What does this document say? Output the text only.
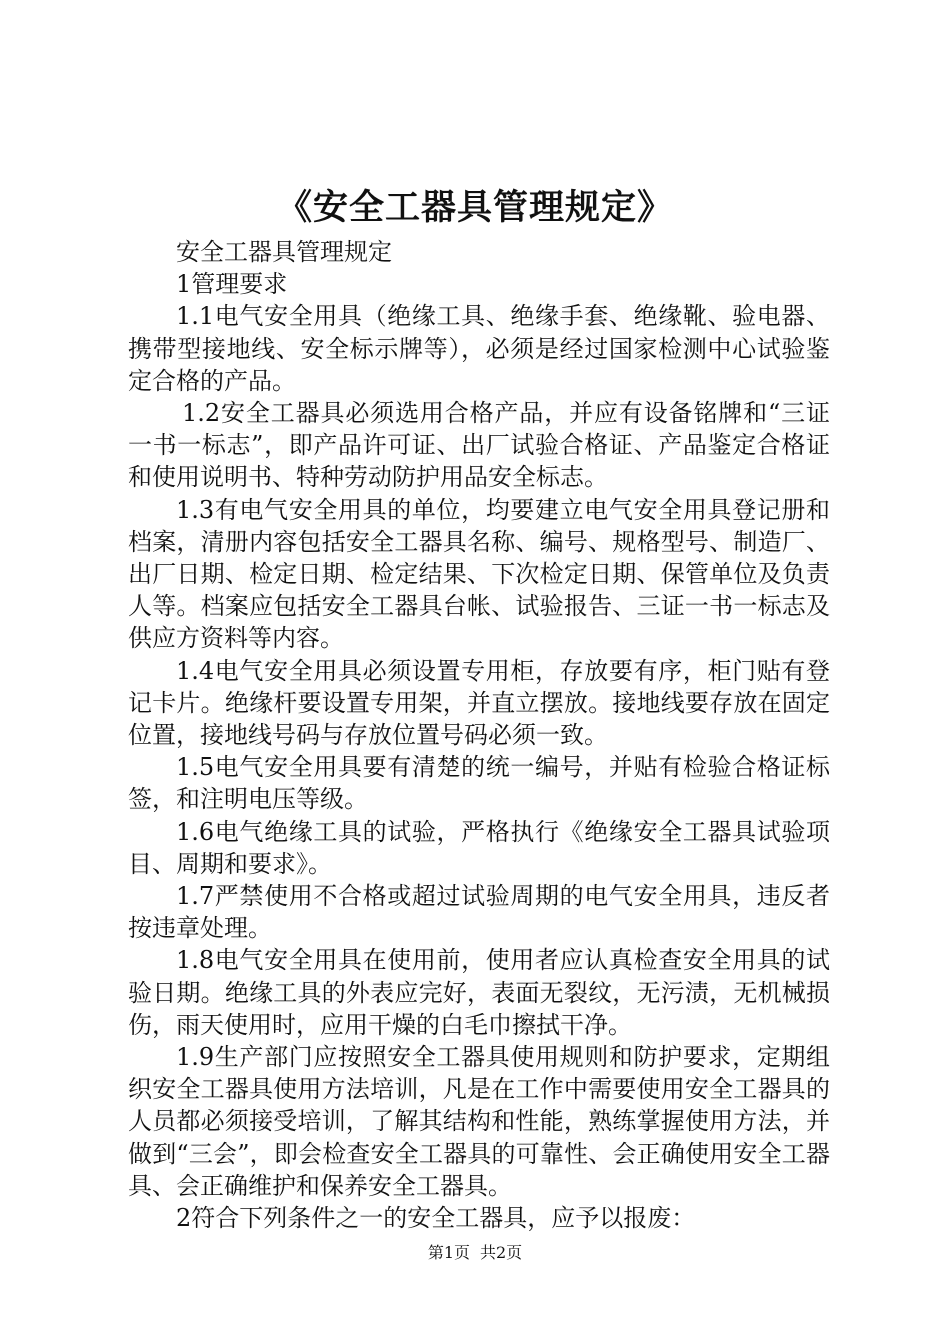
《安全工器具管理规定》

安全工器具管理规定

1管理要求

1.1电气安全用具（绝缘工具、绝缘手套、绝缘靴、验电器、携带型接地线、安全标示牌等），必须是经过国家检测中心试验鉴定合格的产品。

1.2安全工器具必须选用合格产品，并应有设备铭牌和“三证一书一标志”，即产品许可证、出厂试验合格证、产品鉴定合格证和使用说明书、特种劳动防护用品安全标志。

1.3有电气安全用具的单位，均要建立电气安全用具登记册和档案，清册内容包括安全工器具名称、编号、规格型号、制造厂、出厂日期、检定日期、检定结果、下次检定日期、保管单位及负责人等。档案应包括安全工器具台帐、试验报告、三证一书一标志及供应方资料等内容。

1.4电气安全用具必须设置专用柜，存放要有序，柜门贴有登记卡片。绝缘杆要设置专用架，并直立摆放。接地线要存放在固定位置，接地线号码与存放位置号码必须一致。

1.5电气安全用具要有清楚的统一编号，并贴有检验合格证标签，和注明电压等级。

1.6电气绝缘工具的试验，严格执行《绝缘安全工器具试验项目、周期和要求》。

1.7严禁使用不合格或超过试验周期的电气安全用具，违反者按违章处理。

1.8电气安全用具在使用前，使用者应认真检查安全用具的试验日期。绝缘工具的外表应完好，表面无裂纹，无污渍，无机械损伤，雨天使用时，应用干燥的白毛巾擦拭干净。

1.9生产部门应按照安全工器具使用规则和防护要求，定期组织安全工器具使用方法培训，凡是在工作中需要使用安全工器具的人员都必须接受培训，了解其结构和性能，熟练掌握使用方法，并做到“三会”，即会检查安全工器具的可靠性、会正确使用安全工器具、会正确维护和保养安全工器具。

2符合下列条件之一的安全工器具，应予以报废：

第1页 共2页
